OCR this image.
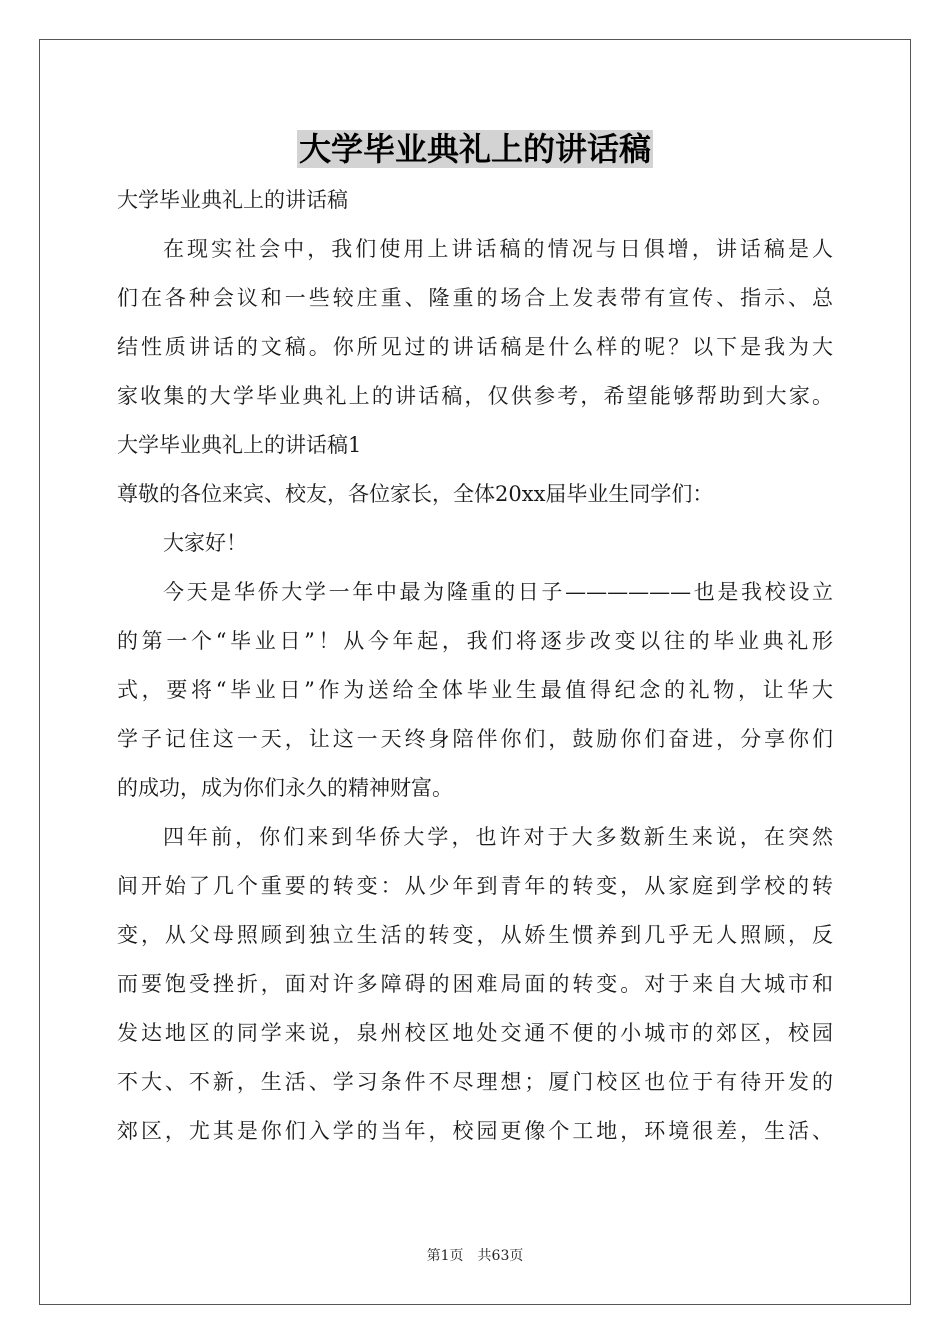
大学毕业典礼上的讲话稿
大学毕业典礼上的讲话稿
在现实社会中，我们使用上讲话稿的情况与日俱增，讲话稿是人
们在各种会议和一些较庄重、隆重的场合上发表带有宣传、指示、总
结性质讲话的文稿。你所见过的讲话稿是什么样的呢？以下是我为大
家收集的大学毕业典礼上的讲话稿，仅供参考，希望能够帮助到大家。
大学毕业典礼上的讲话稿1
尊敬的各位来宾、校友，各位家长，全体20xx届毕业生同学们：
大家好！
今天是华侨大学一年中最为隆重的日子——————也是我校设立
的第一个“毕业日”！从今年起，我们将逐步改变以往的毕业典礼形
式，要将“毕业日”作为送给全体毕业生最值得纪念的礼物，让华大
学子记住这一天，让这一天终身陪伴你们，鼓励你们奋进，分享你们
的成功，成为你们永久的精神财富。
四年前，你们来到华侨大学，也许对于大多数新生来说，在突然
间开始了几个重要的转变：从少年到青年的转变，从家庭到学校的转
变，从父母照顾到独立生活的转变，从娇生惯养到几乎无人照顾，反
而要饱受挫折，面对许多障碍的困难局面的转变。对于来自大城市和
发达地区的同学来说，泉州校区地处交通不便的小城市的郊区，校园
不大、不新，生活、学习条件不尽理想；厦门校区也位于有待开发的
郊区，尤其是你们入学的当年，校园更像个工地，环境很差，生活、
第1页 共63页
